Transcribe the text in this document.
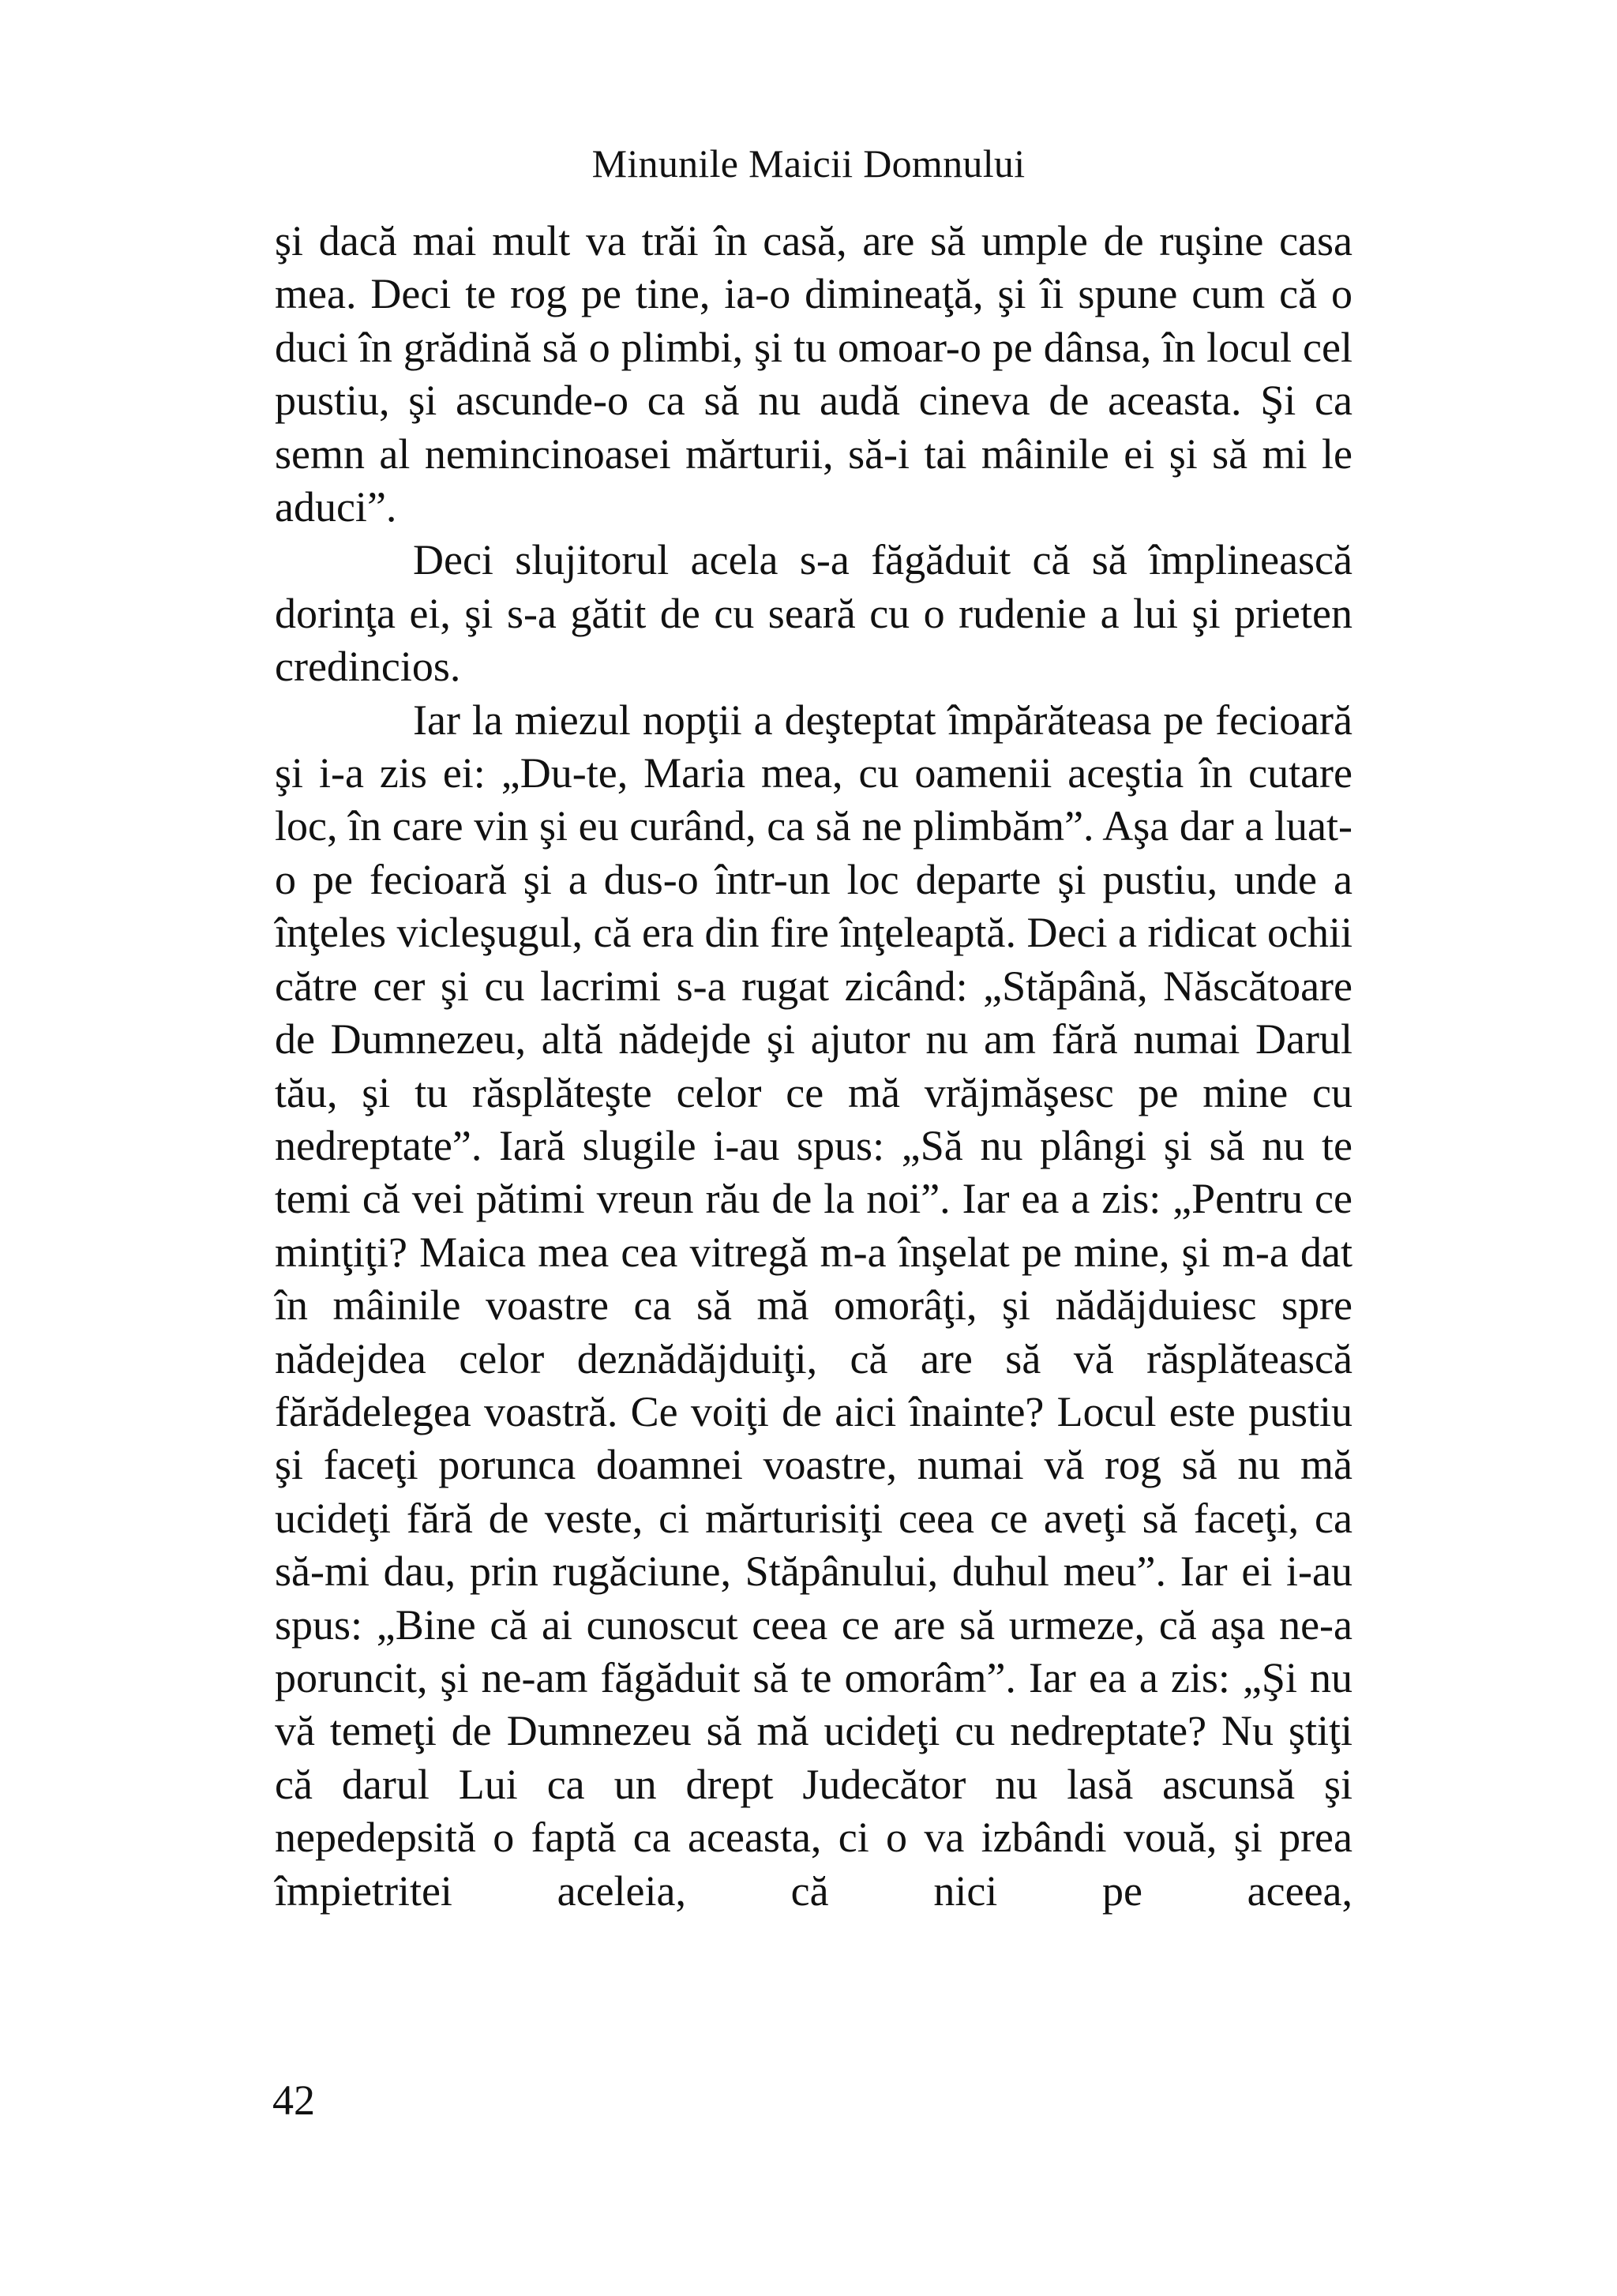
Minunile Maicii Domnului

şi dacă mai mult va trăi în casă, are să umple de ruşine casa mea. Deci te rog pe tine, ia-o dimineaţă, şi îi spune cum că o duci în grădină să o plimbi, şi tu omoar-o pe dânsa, în locul cel pustiu, şi ascunde-o ca să nu audă cineva de aceasta. Şi ca semn al nemincinoasei mărturii, să-i tai mâinile ei şi să mi le aduci”.

Deci slujitorul acela s-a făgăduit că să împlinească dorinţa ei, şi s-a gătit de cu seară cu o rudenie a lui şi prieten credincios.

Iar la miezul nopţii a deşteptat împărăteasa pe fecioară şi i-a zis ei: „Du-te, Maria mea, cu oamenii aceştia în cutare loc, în care vin şi eu curând, ca să ne plimbăm”. Aşa dar a luat-o pe fecioară şi a dus-o într-un loc departe şi pustiu, unde a înţeles vicleşugul, că era din fire înţeleaptă. Deci a ridicat ochii către cer şi cu lacrimi s-a rugat zicând: „Stăpână, Născătoare de Dumnezeu, altă nădejde şi ajutor nu am fără numai Darul tău, şi tu răsplăteşte celor ce mă vrăjmăşesc pe mine cu nedreptate”. Iară slugile i-au spus: „Să nu plângi şi să nu te temi că vei pătimi vreun rău de la noi”. Iar ea a zis: „Pentru ce minţiţi? Maica mea cea vitregă m-a înşelat pe mine, şi m-a dat în mâinile voastre ca să mă omorâţi, şi nădăjduiesc spre nădejdea celor deznădăjduiţi, că are să vă răsplătească fărădelegea voastră. Ce voiţi de aici înainte? Locul este pustiu şi faceţi porunca doamnei voastre, numai vă rog să nu mă ucideţi fără de veste, ci mărturisiţi ceea ce aveţi să faceţi, ca să-mi dau, prin rugăciune, Stăpânului, duhul meu”. Iar ei i-au spus: „Bine că ai cunoscut ceea ce are să urmeze, că aşa ne-a poruncit, şi ne-am făgăduit să te omorâm”. Iar ea a zis: „Şi nu vă temeţi de Dumnezeu să mă ucideţi cu nedreptate? Nu ştiţi că darul Lui ca un drept Judecător nu lasă ascunsă şi nepedepsită o faptă ca aceasta, ci o va izbândi vouă, şi prea împietritei aceleia, că nici pe aceea,

42
